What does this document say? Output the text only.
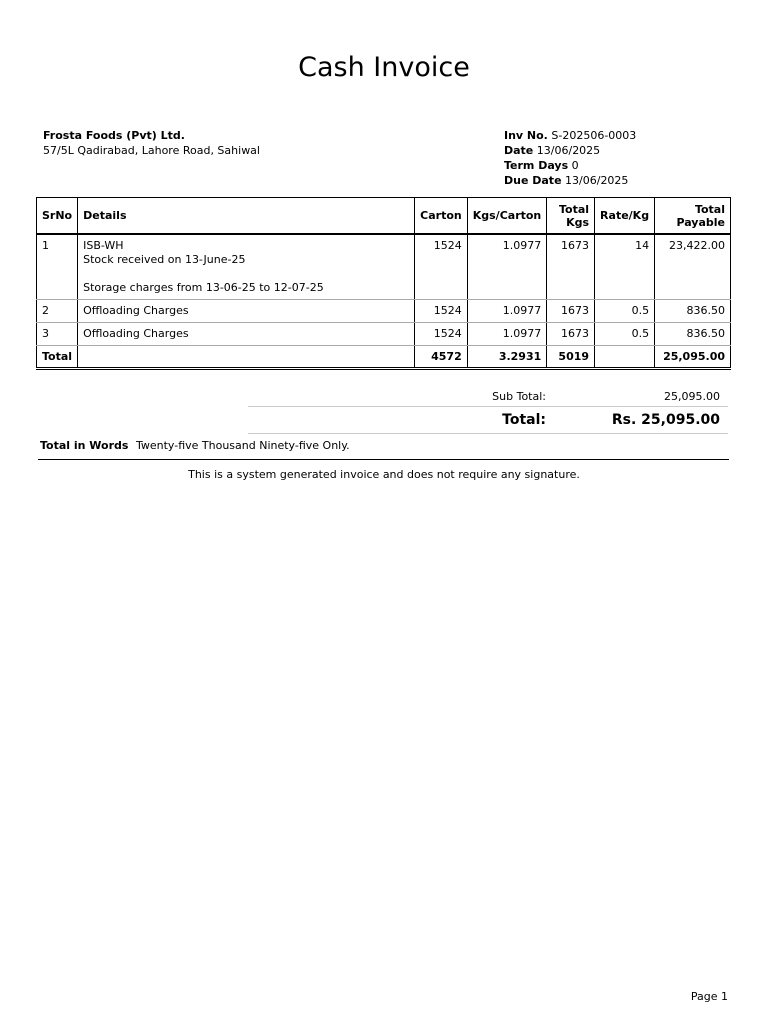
Cash Invoice
Frosta Foods (Pvt) Ltd.
57/5L Qadirabad, Lahore Road, Sahiwal
Inv No. S-202506-0003
Date 13/06/2025
Term Days 0
Due Date 13/06/2025
SrNo	Details	Carton	Kgs/Carton	Total Kgs	Rate/Kg	Total Payable
1	ISB-WH
Stock received on 13-June-25
Storage charges from 13-06-25 to 12-07-25	1524	1.0977	1673	14	23,422.00
2	Offloading Charges	1524	1.0977	1673	0.5	836.50
3	Offloading Charges	1524	1.0977	1673	0.5	836.50
Total		4572	3.2931	5019		25,095.00
Sub Total:	25,095.00
Total:	Rs. 25,095.00
Total in Words Twenty-five Thousand Ninety-five Only.
This is a system generated invoice and does not require any signature.
Page 1
